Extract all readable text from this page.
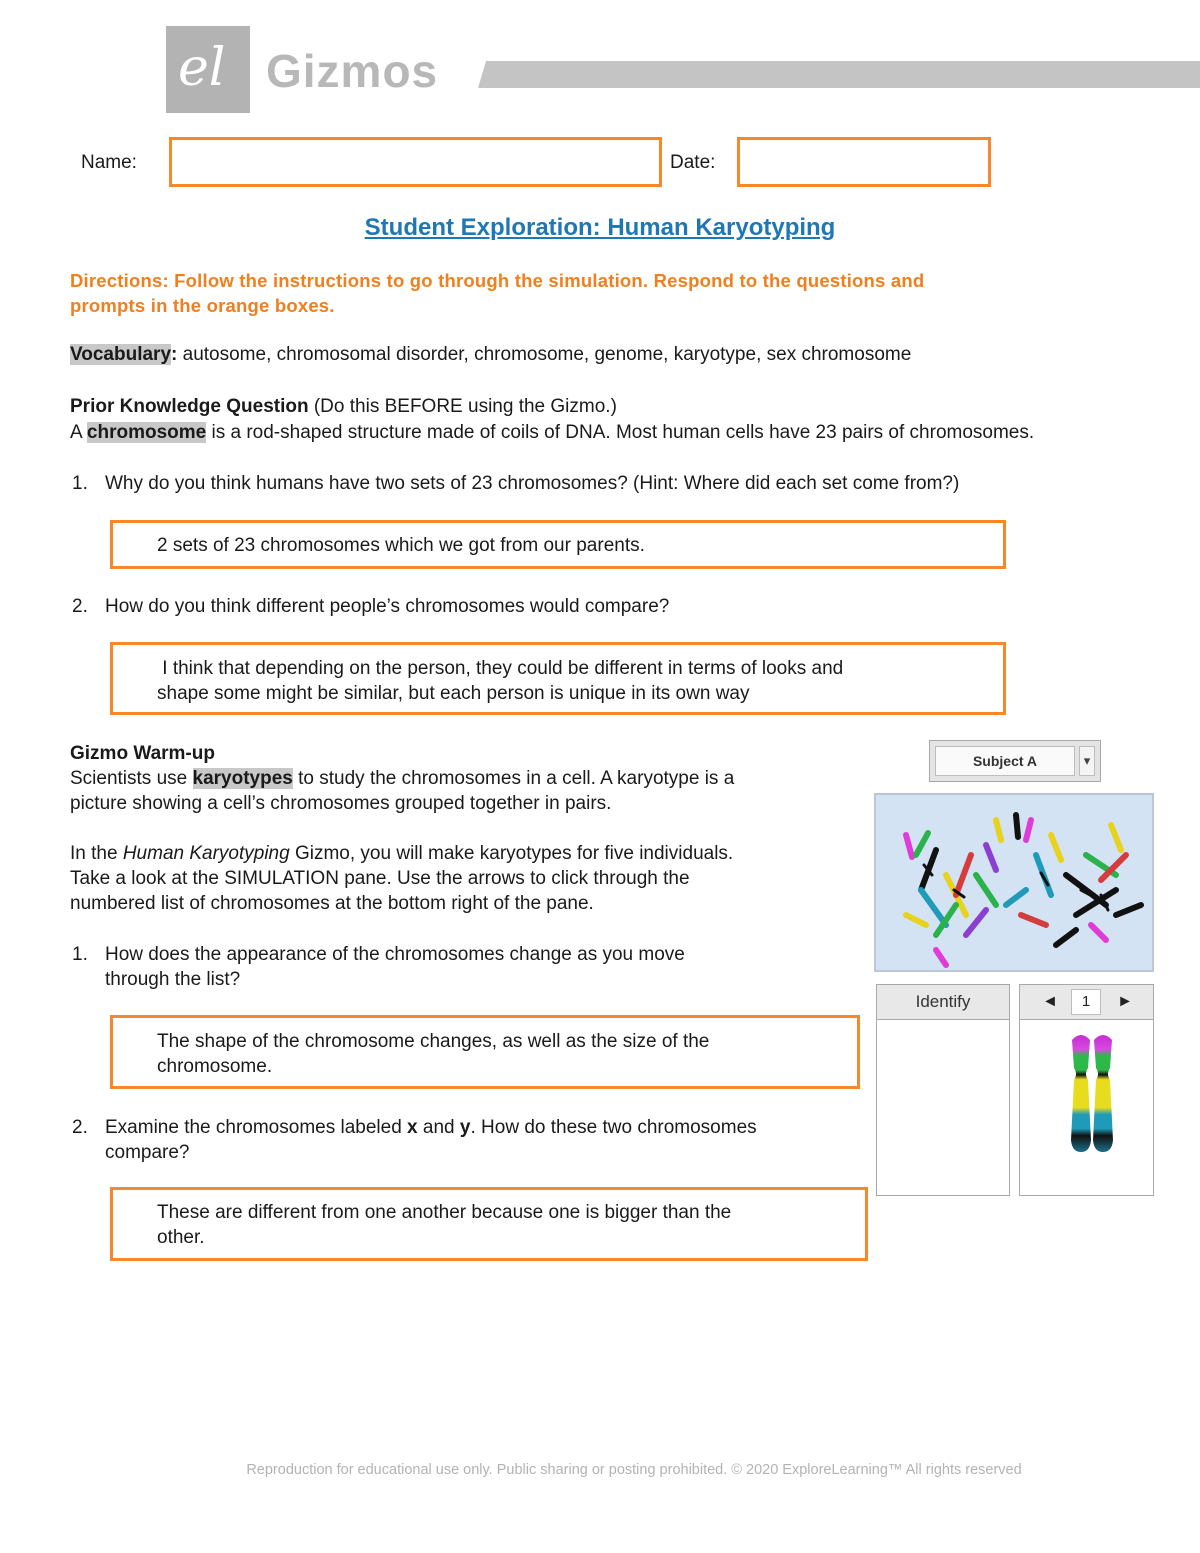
el Gizmos
Name:	Date:
Student Exploration: Human Karyotyping
Directions: Follow the instructions to go through the simulation. Respond to the questions and
prompts in the orange boxes.
Vocabulary: autosome, chromosomal disorder, chromosome, genome, karyotype, sex chromosome
Prior Knowledge Question (Do this BEFORE using the Gizmo.)
A chromosome is a rod-shaped structure made of coils of DNA. Most human cells have 23 pairs of chromosomes.
1. Why do you think humans have two sets of 23 chromosomes? (Hint: Where did each set come from?)
2 sets of 23 chromosomes which we got from our parents.
2. How do you think different people’s chromosomes would compare?
I think that depending on the person, they could be different in terms of looks and
shape some might be similar, but each person is unique in its own way
Gizmo Warm-up
Scientists use karyotypes to study the chromosomes in a cell. A karyotype is a
picture showing a cell’s chromosomes grouped together in pairs.
In the Human Karyotyping Gizmo, you will make karyotypes for five individuals.
Take a look at the SIMULATION pane. Use the arrows to click through the
numbered list of chromosomes at the bottom right of the pane.
1. How does the appearance of the chromosomes change as you move
through the list?
The shape of the chromosome changes, as well as the size of the
chromosome.
2. Examine the chromosomes labeled x and y. How do these two chromosomes
compare?
These are different from one another because one is bigger than the
other.
Subject A	▾
Identify	◄	1	►
Reproduction for educational use only. Public sharing or posting prohibited. © 2020 ExploreLearning™ All rights reserved
